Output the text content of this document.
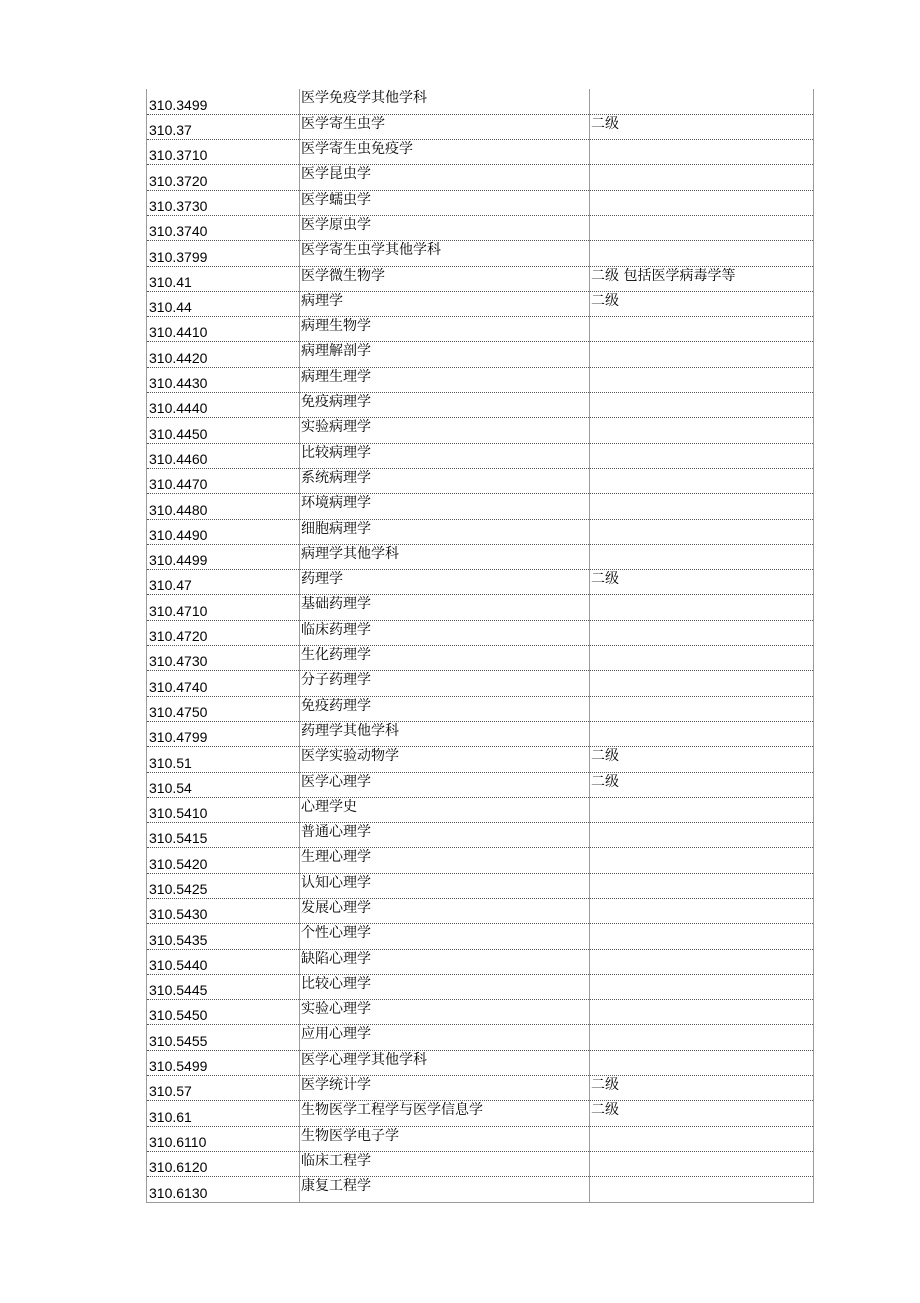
310.3499	医学免疫学其他学科	
310.37	医学寄生虫学	二级
310.3710	医学寄生虫免疫学	
310.3720	医学昆虫学	
310.3730	医学蠕虫学	
310.3740	医学原虫学	
310.3799	医学寄生虫学其他学科	
310.41	医学微生物学	二级 包括医学病毒学等
310.44	病理学	二级
310.4410	病理生物学	
310.4420	病理解剖学	
310.4430	病理生理学	
310.4440	免疫病理学	
310.4450	实验病理学	
310.4460	比较病理学	
310.4470	系统病理学	
310.4480	环境病理学	
310.4490	细胞病理学	
310.4499	病理学其他学科	
310.47	药理学	二级
310.4710	基础药理学	
310.4720	临床药理学	
310.4730	生化药理学	
310.4740	分子药理学	
310.4750	免疫药理学	
310.4799	药理学其他学科	
310.51	医学实验动物学	二级
310.54	医学心理学	二级
310.5410	心理学史	
310.5415	普通心理学	
310.5420	生理心理学	
310.5425	认知心理学	
310.5430	发展心理学	
310.5435	个性心理学	
310.5440	缺陷心理学	
310.5445	比较心理学	
310.5450	实验心理学	
310.5455	应用心理学	
310.5499	医学心理学其他学科	
310.57	医学统计学	二级
310.61	生物医学工程学与医学信息学	二级
310.6110	生物医学电子学	
310.6120	临床工程学	
310.6130	康复工程学	
